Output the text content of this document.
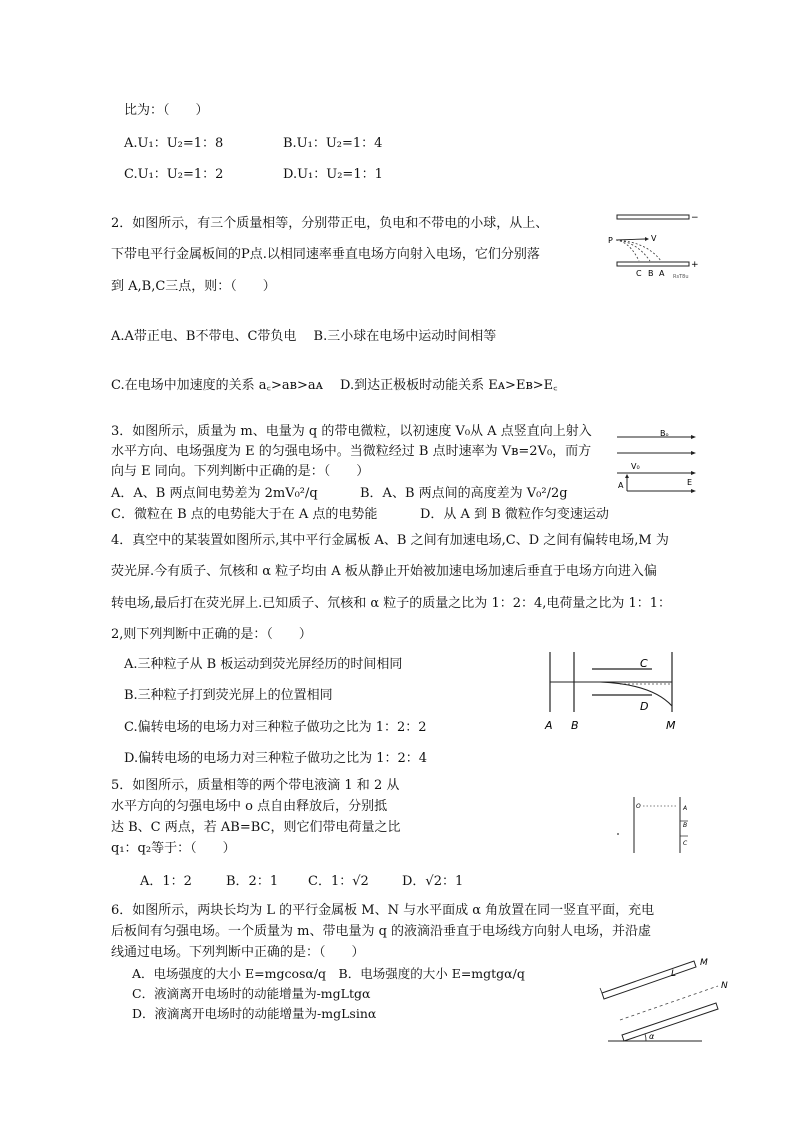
比为：（　　）
A.U₁：U₂=1：8	B.U₁：U₂=1：4
C.U₁：U₂=1：2	D.U₁：U₂=1：1
2．如图所示，有三个质量相等，分别带正电，负电和不带电的小球，从上、
下带电平行金属板间的P点.以相同速率垂直电场方向射入电场，它们分别落
到 A,B,C三点，则：（　　）
A.A带正电、B不带电、C带负电　 B.三小球在电场中运动时间相等
C.在电场中加速度的关系 a꜀>aʙ>aᴀ D.到达正极板时动能关系 Eᴀ>Eʙ>E꜀
−
+
P	V
C B A RsT8u
3．如图所示，质量为 m、电量为 q 的带电微粒，以初速度 V₀从 A 点竖直向上射入
水平方向、电场强度为 E 的匀强电场中。当微粒经过 B 点时速率为 Vʙ=2V₀，而方
向与 E 同向。下列判断中正确的是：（　　）
A．A、B 两点间电势差为 2mV₀²/q	B．A、B 两点间的高度差为 V₀²/2g
C．微粒在 B 点的电势能大于在 A 点的电势能	D．从 A 到 B 微粒作匀变速运动
Bₒ
V₀
E
A
4．真空中的某装置如图所示,其中平行金属板 A、B 之间有加速电场,C、D 之间有偏转电场,M 为
荧光屏.今有质子、氘核和 α 粒子均由 A 板从静止开始被加速电场加速后垂直于电场方向进入偏
转电场,最后打在荧光屏上.已知质子、氘核和 α 粒子的质量之比为 1：2：4,电荷量之比为 1：1：
2,则下列判断中正确的是：（　　）
A.三种粒子从 B 板运动到荧光屏经历的时间相同
B.三种粒子打到荧光屏上的位置相同
C.偏转电场的电场力对三种粒子做功之比为 1：2：2
D.偏转电场的电场力对三种粒子做功之比为 1：2：4
C
D
A B	M
5．如图所示，质量相等的两个带电液滴 1 和 2 从
水平方向的匀强电场中 o 点自由释放后，分别抵
达 B、C 两点，若 AB=BC，则它们带电荷量之比
q₁：q₂等于：（　　）
A．1：2	B．2：1 C．1：√2	D．√2：1
O	A
B
C
6．如图所示，两块长均为 L 的平行金属板 M、N 与水平面成 α 角放置在同一竖直平面，充电
后板间有匀强电场。一个质量为 m、带电量为 q 的液滴沿垂直于电场线方向射人电场，并沿虚
线通过电场。下列判断中正确的是：（　　）
A．电场强度的大小 E=mgcosα/q　B．电场强度的大小 E=mgtgα/q
C．液滴离开电场时的动能增量为-mgLtgα
D．液滴离开电场时的动能增量为-mgLsinα
L
M
N
α
